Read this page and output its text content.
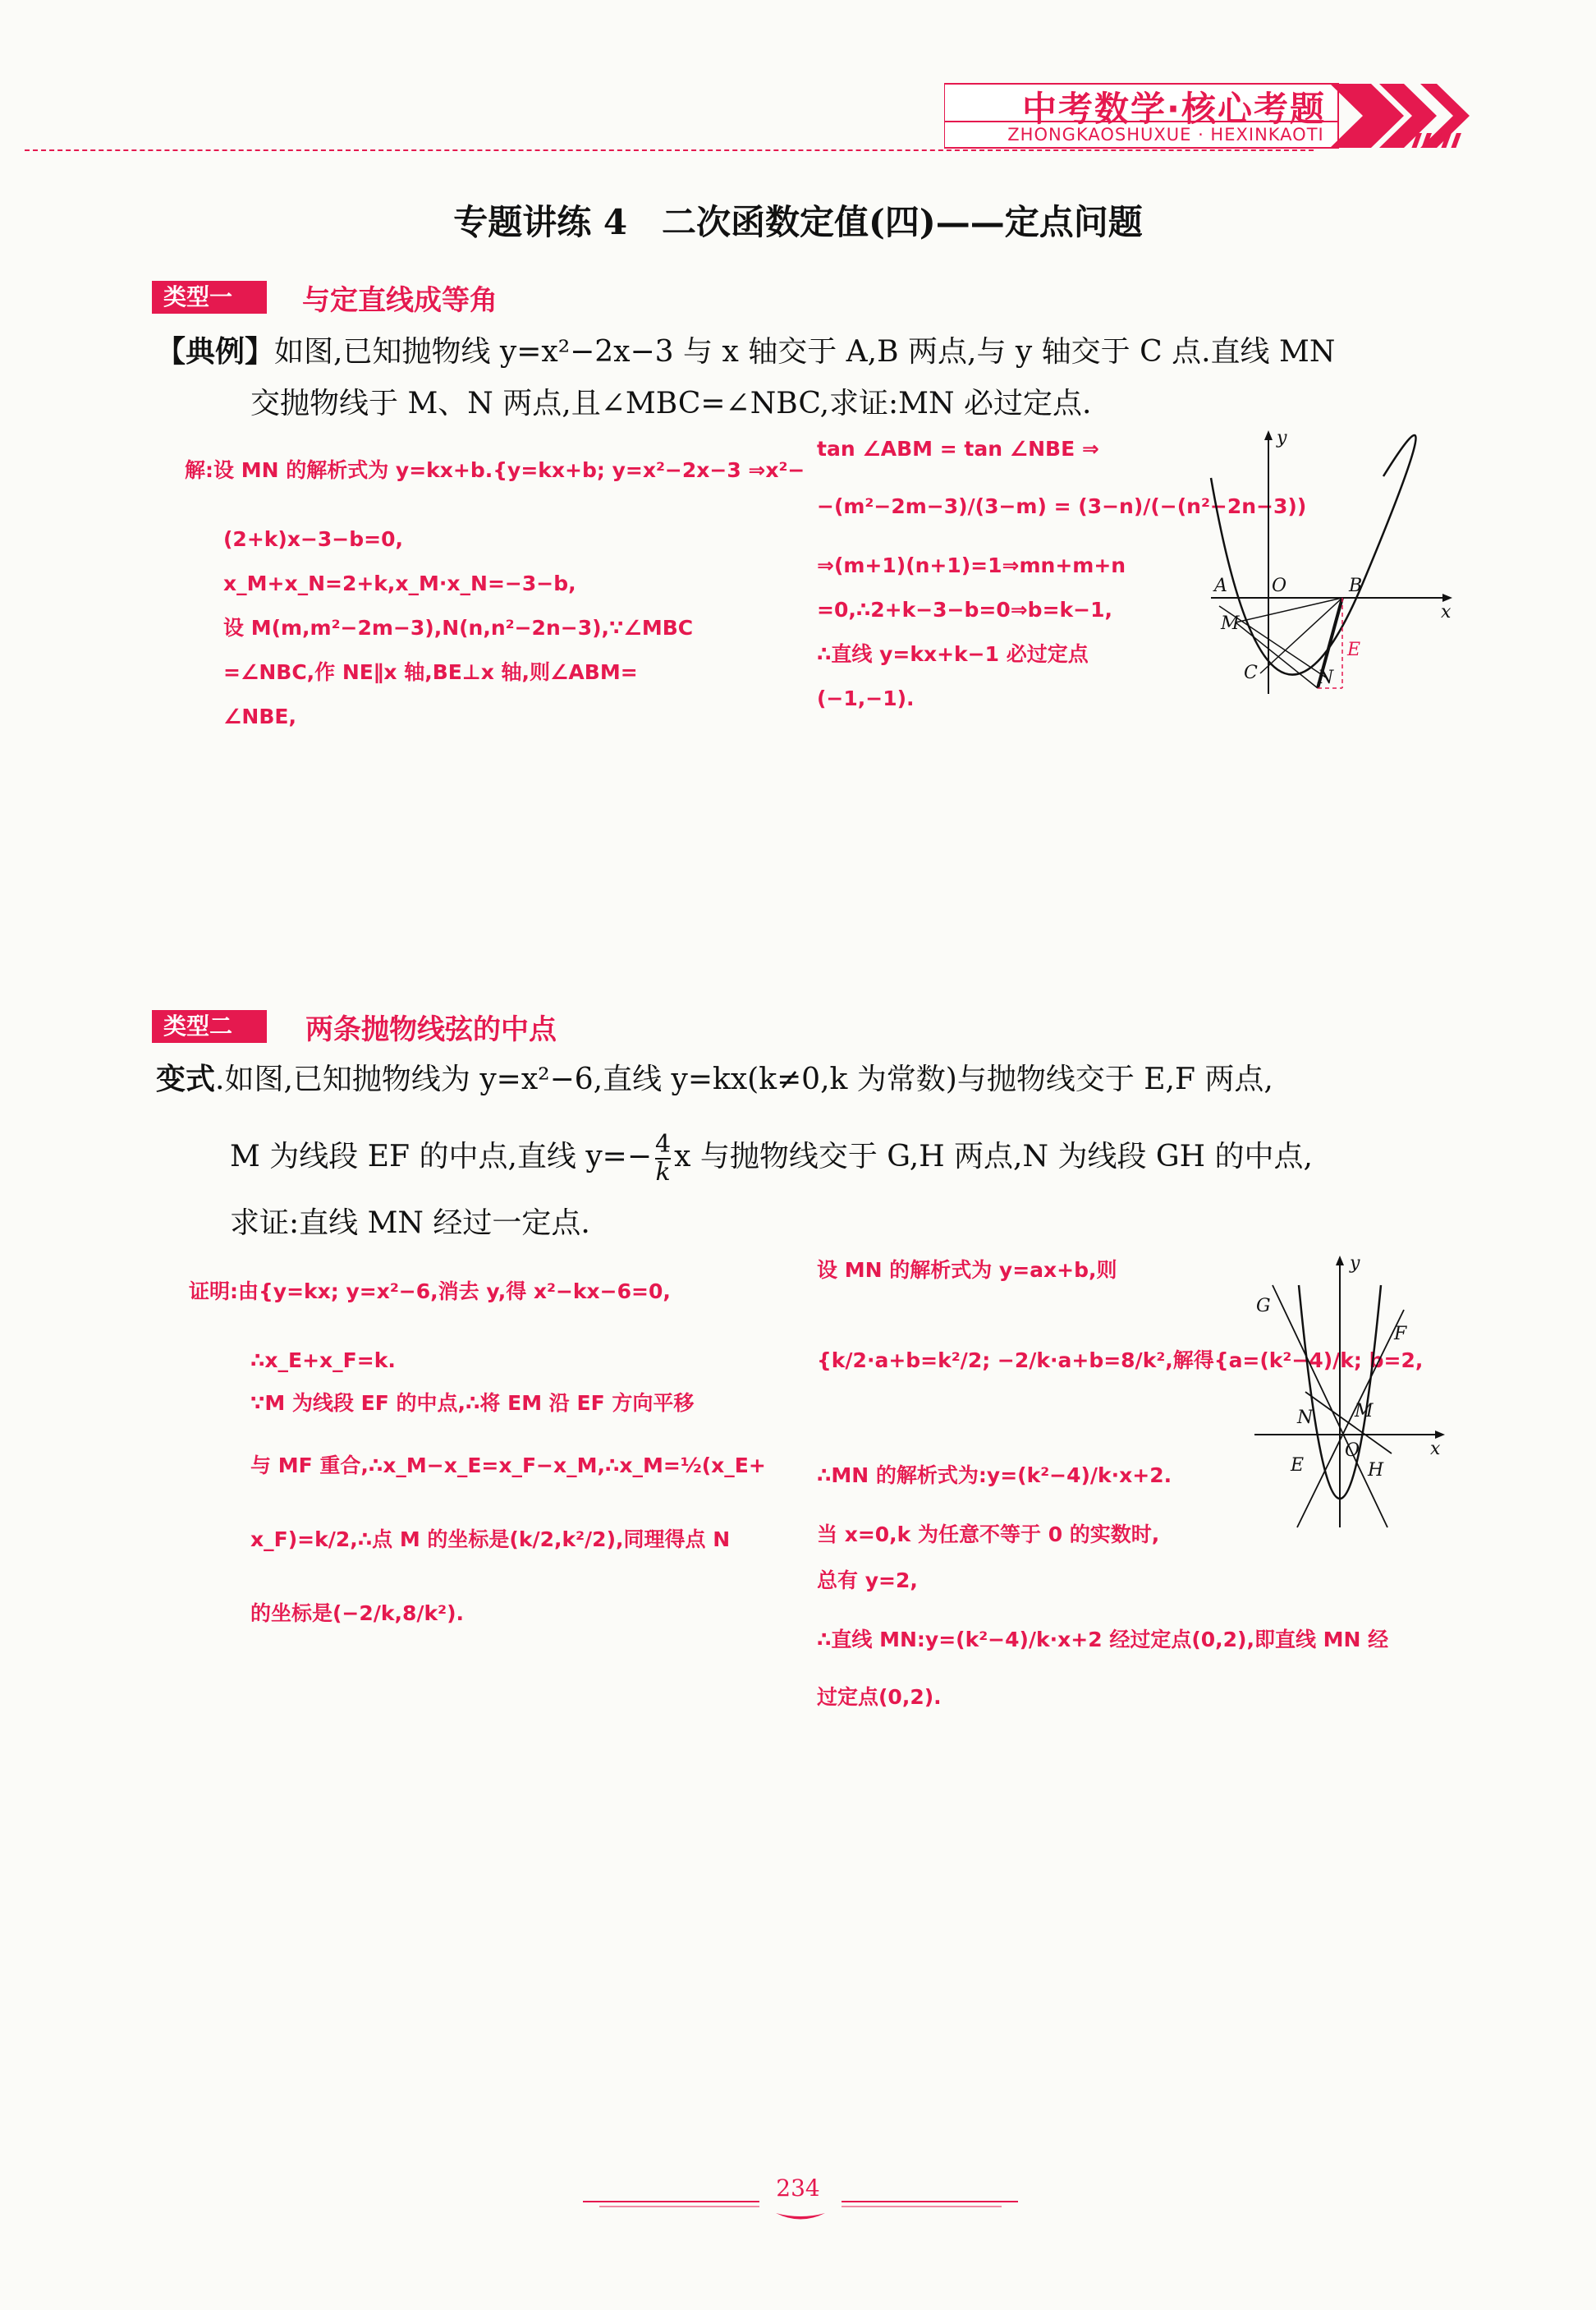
中考数学·核心考题
ZHONGKAOSHUXUE · HEXINKAOTI
专题讲练 4　二次函数定值(四)——定点问题
类型一	与定直线成等角
【典例】如图,已知抛物线 y=x²−2x−3 与 x 轴交于 A,B 两点,与 y 轴交于 C 点.直线 MN
交抛物线于 M、N 两点,且∠MBC=∠NBC,求证:MN 必过定点.
解:设 MN 的解析式为 y=kx+b.{y=kx+b; y=x²−2x−3 ⇒x²−
(2+k)x−3−b=0,
x_M+x_N=2+k,x_M·x_N=−3−b,
设 M(m,m²−2m−3),N(n,n²−2n−3),∵∠MBC
=∠NBC,作 NE∥x 轴,BE⊥x 轴,则∠ABM=
∠NBE,
tan ∠ABM = tan ∠NBE ⇒
−(m²−2m−3)/(3−m) = (3−n)/(−(n²−2n−3))
⇒(m+1)(n+1)=1⇒mn+m+n
=0,∴2+k−3−b=0⇒b=k−1,
∴直线 y=kx+k−1 必过定点
(−1,−1).
y
x
A O	B
M
C	N
E
类型二	两条抛物线弦的中点
变式.如图,已知抛物线为 y=x²−6,直线 y=kx(k≠0,k 为常数)与抛物线交于 E,F 两点,
M 为线段 EF 的中点,直线 $y=- \frac{4}{k}$ x 与抛物线交于 G,H 两点,N 为线段 GH 的中点,
求证:直线 MN 经过一定点.
证明:由{y=kx; y=x²−6,消去 y,得 x²−kx−6=0,
∴x_E+x_F=k.
∵M 为线段 EF 的中点,∴将 EM 沿 EF 方向平移
与 MF 重合,∴x_M−x_E=x_F−x_M,∴x_M=½(x_E+
x_F)=k/2,∴点 M 的坐标是(k/2,k²/2),同理得点 N
的坐标是(−2/k,8/k²).
设 MN 的解析式为 y=ax+b,则
{k/2·a+b=k²/2; −2/k·a+b=8/k²,解得{a=(k²−4)/k; b=2,
∴MN 的解析式为:y=(k²−4)/k·x+2.
当 x=0,k 为任意不等于 0 的实数时,
总有 y=2,
∴直线 MN:y=(k²−4)/k·x+2 经过定点(0,2),即直线 MN 经
过定点(0,2).
y
x
G
F
N M
O
E	H
234
